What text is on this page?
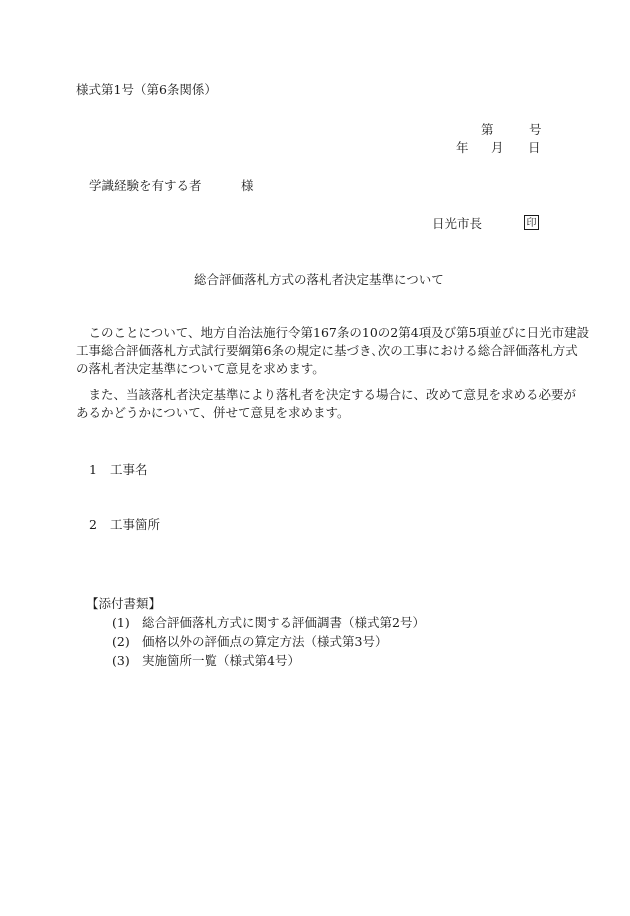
様式第1号（第6条関係）
第	号
年 月 日
学識経験を有する者	様
日光市長	印
総合評価落札方式の落札者決定基準について
　このことについて、地方自治法施行令第167条の10の2第4項及び第5項並びに日光市建設
工事総合評価落札方式試行要綱第6条の規定に基づき､次の工事における総合評価落札方式
の落札者決定基準について意見を求めます。
　また、当該落札者決定基準により落札者を決定する場合に、改めて意見を求める必要が
あるかどうかについて、併せて意見を求めます。
1 工事名
2 工事箇所
【添付書類】
(1) 総合評価落札方式に関する評価調書（様式第2号）
(2) 価格以外の評価点の算定方法（様式第3号）
(3) 実施箇所一覧（様式第4号）
